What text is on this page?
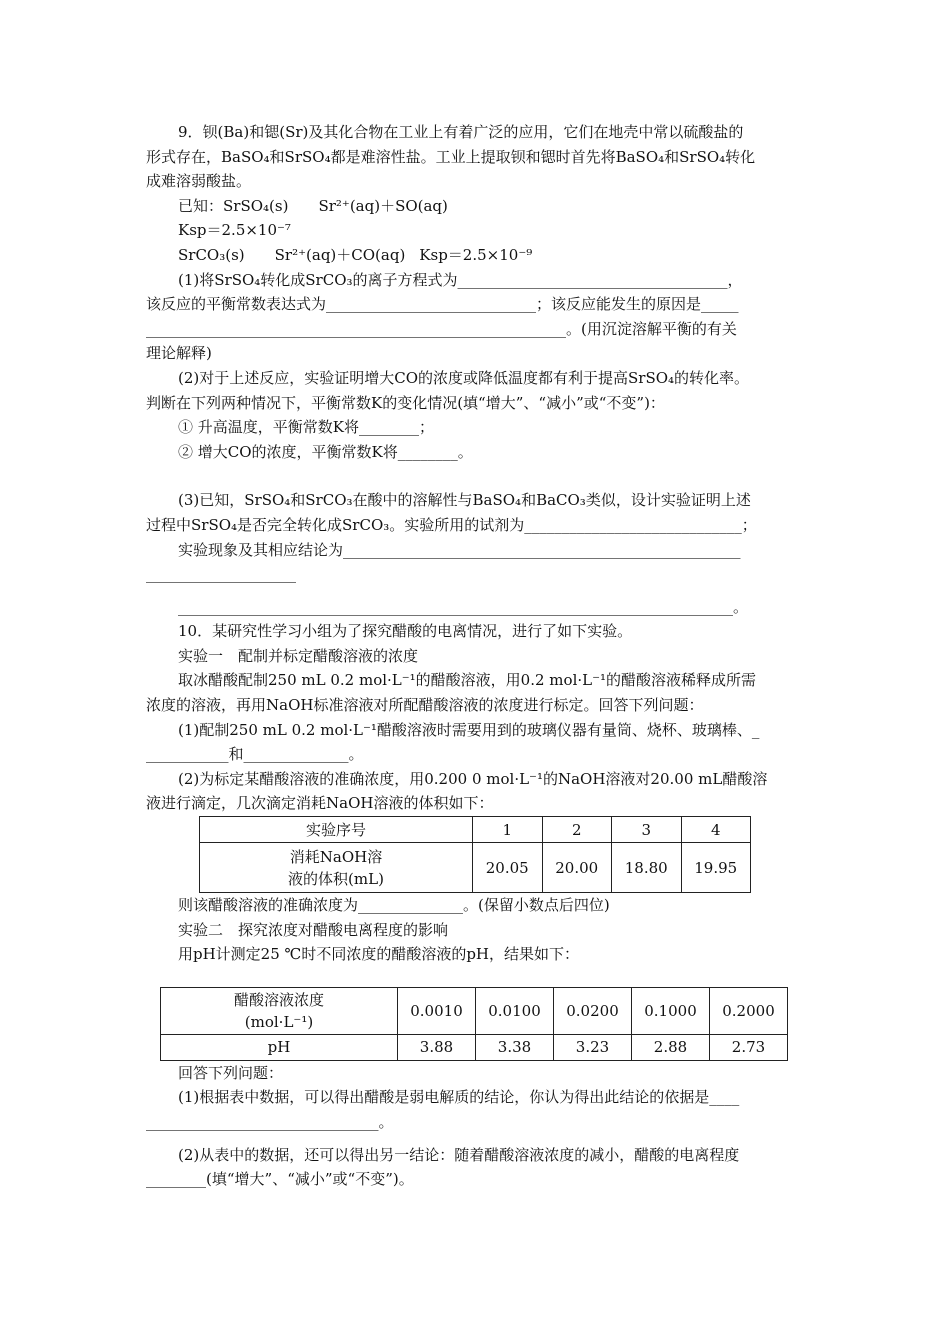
9．钡(Ba)和锶(Sr)及其化合物在工业上有着广泛的应用，它们在地壳中常以硫酸盐的

形式存在，BaSO₄和SrSO₄都是难溶性盐。工业上提取钡和锶时首先将BaSO₄和SrSO₄转化

成难溶弱酸盐。

已知：SrSO₄(s) Sr²⁺(aq)＋SO(aq)

Ksp＝2.5×10⁻⁷

SrCO₃(s) Sr²⁺(aq)＋CO(aq) Ksp＝2.5×10⁻⁹

(1)将SrSO₄转化成SrCO₃的离子方程式为____________________________________，

该反应的平衡常数表达式为____________________________；该反应能发生的原因是_____

________________________________________________________。(用沉淀溶解平衡的有关

理论解释)

(2)对于上述反应，实验证明增大CO的浓度或降低温度都有利于提高SrSO₄的转化率。

判断在下列两种情况下，平衡常数K的变化情况(填“增大”、“减小”或“不变”)：

① 升高温度，平衡常数K将________；

② 增大CO的浓度，平衡常数K将________。

(3)已知，SrSO₄和SrCO₃在酸中的溶解性与BaSO₄和BaCO₃类似，设计实验证明上述

过程中SrSO₄是否完全转化成SrCO₃。实验所用的试剂为_____________________________；

实验现象及其相应结论为_____________________________________________________

____________________

__________________________________________________________________________。

10．某研究性学习小组为了探究醋酸的电离情况，进行了如下实验。

实验一　配制并标定醋酸溶液的浓度

取冰醋酸配制250 mL 0.2 mol·L⁻¹的醋酸溶液，用0.2 mol·L⁻¹的醋酸溶液稀释成所需

浓度的溶液，再用NaOH标准溶液对所配醋酸溶液的浓度进行标定。回答下列问题：

(1)配制250 mL 0.2 mol·L⁻¹醋酸溶液时需要用到的玻璃仪器有量筒、烧杯、玻璃棒、_

___________和______________。

(2)为标定某醋酸溶液的准确浓度，用0.200 0 mol·L⁻¹的NaOH溶液对20.00 mL醋酸溶

液进行滴定，几次滴定消耗NaOH溶液的体积如下：

实验序号	1	2	3	4

消耗NaOH溶
液的体积(mL)	20.05	20.00	18.80	19.95

则该醋酸溶液的准确浓度为______________。(保留小数点后四位)

实验二　探究浓度对醋酸电离程度的影响

用pH计测定25 ℃时不同浓度的醋酸溶液的pH，结果如下：

醋酸溶液浓度
(mol·L⁻¹)	0.0010	0.0100	0.0200	0.1000	0.2000
pH	3.88	3.38	3.23	2.88	2.73

回答下列问题：

(1)根据表中数据，可以得出醋酸是弱电解质的结论，你认为得出此结论的依据是____

_______________________________。

(2)从表中的数据，还可以得出另一结论：随着醋酸溶液浓度的减小，醋酸的电离程度

________(填“增大”、“减小”或“不变”)。
